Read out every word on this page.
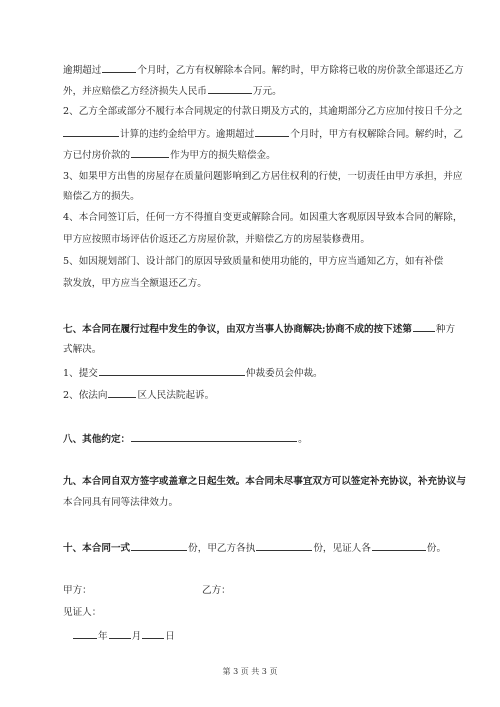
逾期超过	个月时，乙方有权解除本合同。解约时，甲方除将已收的房价款全部退还乙方
外，并应赔偿乙方经济损失人民币	万元。
2、乙方全部或部分不履行本合同规定的付款日期及方式的，其逾期部分乙方应加付按日千分之
计算的违约金给甲方。逾期超过	个月时，甲方有权解除合同。解约时，乙
方已付房价款的	作为甲方的损失赔偿金。
3、如果甲方出售的房屋存在质量问题影响到乙方居住权利的行使，一切责任由甲方承担，并应
赔偿乙方的损失。
4、本合同签订后，任何一方不得擅自变更或解除合同。如因重大客观原因导致本合同的解除，
甲方应按照市场评估价返还乙方房屋价款，并赔偿乙方的房屋装修费用。
5、如因规划部门、设计部门的原因导致质量和使用功能的，甲方应当通知乙方，如有补偿
款发放，甲方应当全额退还乙方。
七、本合同在履行过程中发生的争议，由双方当事人协商解决;协商不成的按下述第	种方
式解决。
1、提交	仲裁委员会仲裁。
2、依法向	区人民法院起诉。
八、其他约定：	。
九、本合同自双方签字或盖章之日起生效。本合同未尽事宜双方可以签定补充协议，补充协议与
本合同具有同等法律效力。
十、本合同一式	份，甲乙方各执	份，见证人各	份。
甲方：	乙方：
见证人：
年	月	日
第 3 页 共 3 页
